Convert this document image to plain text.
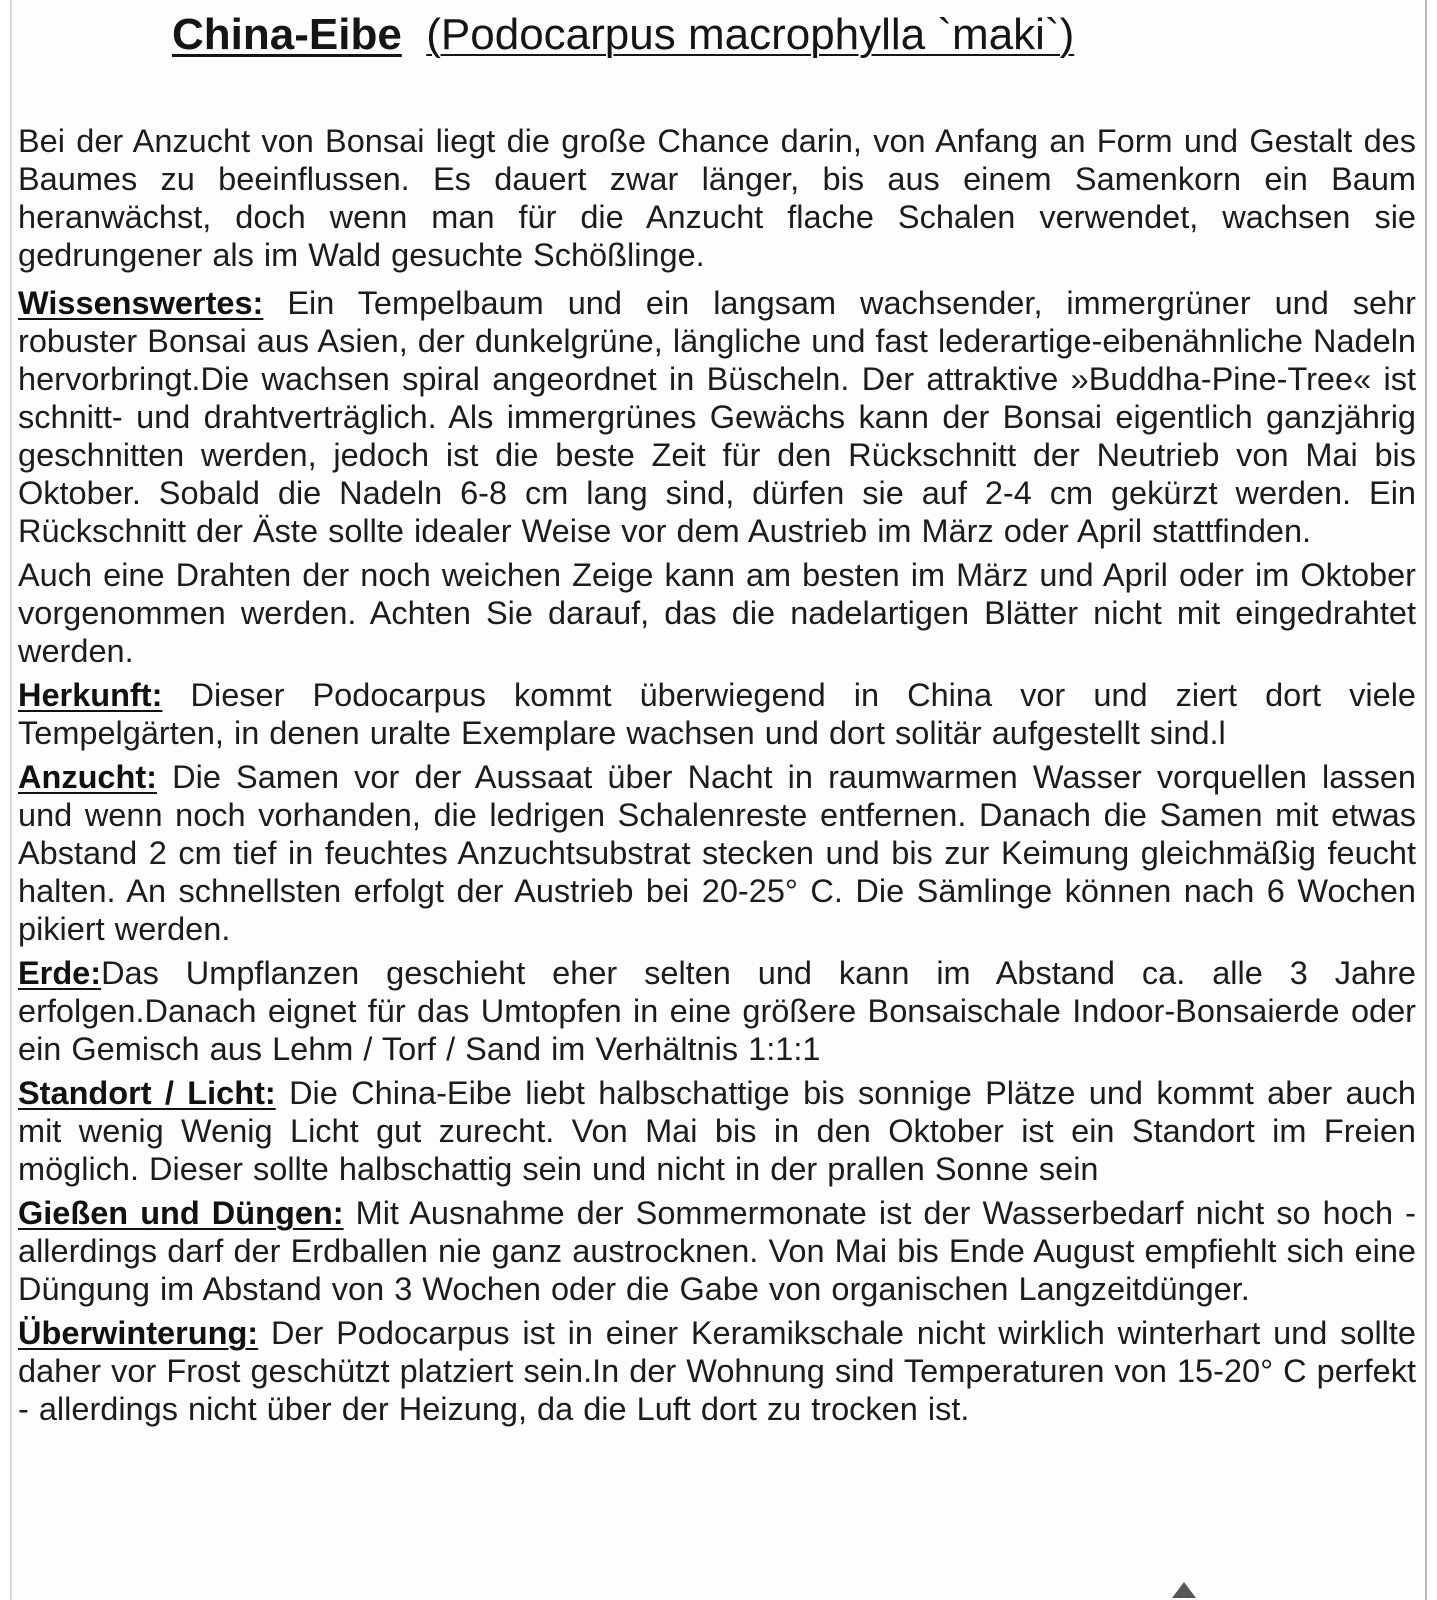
China-Eibe (Podocarpus macrophylla `maki`)

Bei der Anzucht von Bonsai liegt die große Chance darin, von Anfang an Form und Gestalt des Baumes zu beeinflussen. Es dauert zwar länger, bis aus einem Samenkorn ein Baum heranwächst, doch wenn man für die Anzucht flache Schalen verwendet, wachsen sie gedrungener als im Wald gesuchte Schößlinge.

Wissenswertes: Ein Tempelbaum und ein langsam wachsender, immergrüner und sehr robuster Bonsai aus Asien, der dunkelgrüne, längliche und fast lederartige-eibenähnliche Nadeln hervorbringt.Die wachsen spiral angeordnet in Büscheln. Der attraktive »Buddha-Pine-Tree« ist schnitt- und drahtverträglich. Als immergrünes Gewächs kann der Bonsai eigentlich ganzjährig geschnitten werden, jedoch ist die beste Zeit für den Rückschnitt der Neutrieb von Mai bis Oktober. Sobald die Nadeln 6-8 cm lang sind, dürfen sie auf 2-4 cm gekürzt werden. Ein Rückschnitt der Äste sollte idealer Weise vor dem Austrieb im März oder April stattfinden.

Auch eine Drahten der noch weichen Zeige kann am besten im März und April oder im Oktober vorgenommen werden. Achten Sie darauf, das die nadelartigen Blätter nicht mit eingedrahtet werden.

Herkunft: Dieser Podocarpus kommt überwiegend in China vor und ziert dort viele Tempelgärten, in denen uralte Exemplare wachsen und dort solitär aufgestellt sind.l

Anzucht: Die Samen vor der Aussaat über Nacht in raumwarmen Wasser vorquellen lassen und wenn noch vorhanden, die ledrigen Schalenreste entfernen. Danach die Samen mit etwas Abstand 2 cm tief in feuchtes Anzuchtsubstrat stecken und bis zur Keimung gleichmäßig feucht halten. An schnellsten erfolgt der Austrieb bei 20-25° C. Die Sämlinge können nach 6 Wochen pikiert werden.

Erde:Das Umpflanzen geschieht eher selten und kann im Abstand ca. alle 3 Jahre erfolgen.Danach eignet für das Umtopfen in eine größere Bonsaischale Indoor-Bonsaierde oder ein Gemisch aus Lehm / Torf / Sand im Verhältnis 1:1:1

Standort / Licht: Die China-Eibe liebt halbschattige bis sonnige Plätze und kommt aber auch mit wenig Wenig Licht gut zurecht. Von Mai bis in den Oktober ist ein Standort im Freien möglich. Dieser sollte halbschattig sein und nicht in der prallen Sonne sein

Gießen und Düngen: Mit Ausnahme der Sommermonate ist der Wasserbedarf nicht so hoch - allerdings darf der Erdballen nie ganz austrocknen. Von Mai bis Ende August empfiehlt sich eine Düngung im Abstand von 3 Wochen oder die Gabe von organischen Langzeitdünger.

Überwinterung: Der Podocarpus ist in einer Keramikschale nicht wirklich winterhart und sollte daher vor Frost geschützt platziert sein.In der Wohnung sind Temperaturen von 15-20° C perfekt - allerdings nicht über der Heizung, da die Luft dort zu trocken ist.
